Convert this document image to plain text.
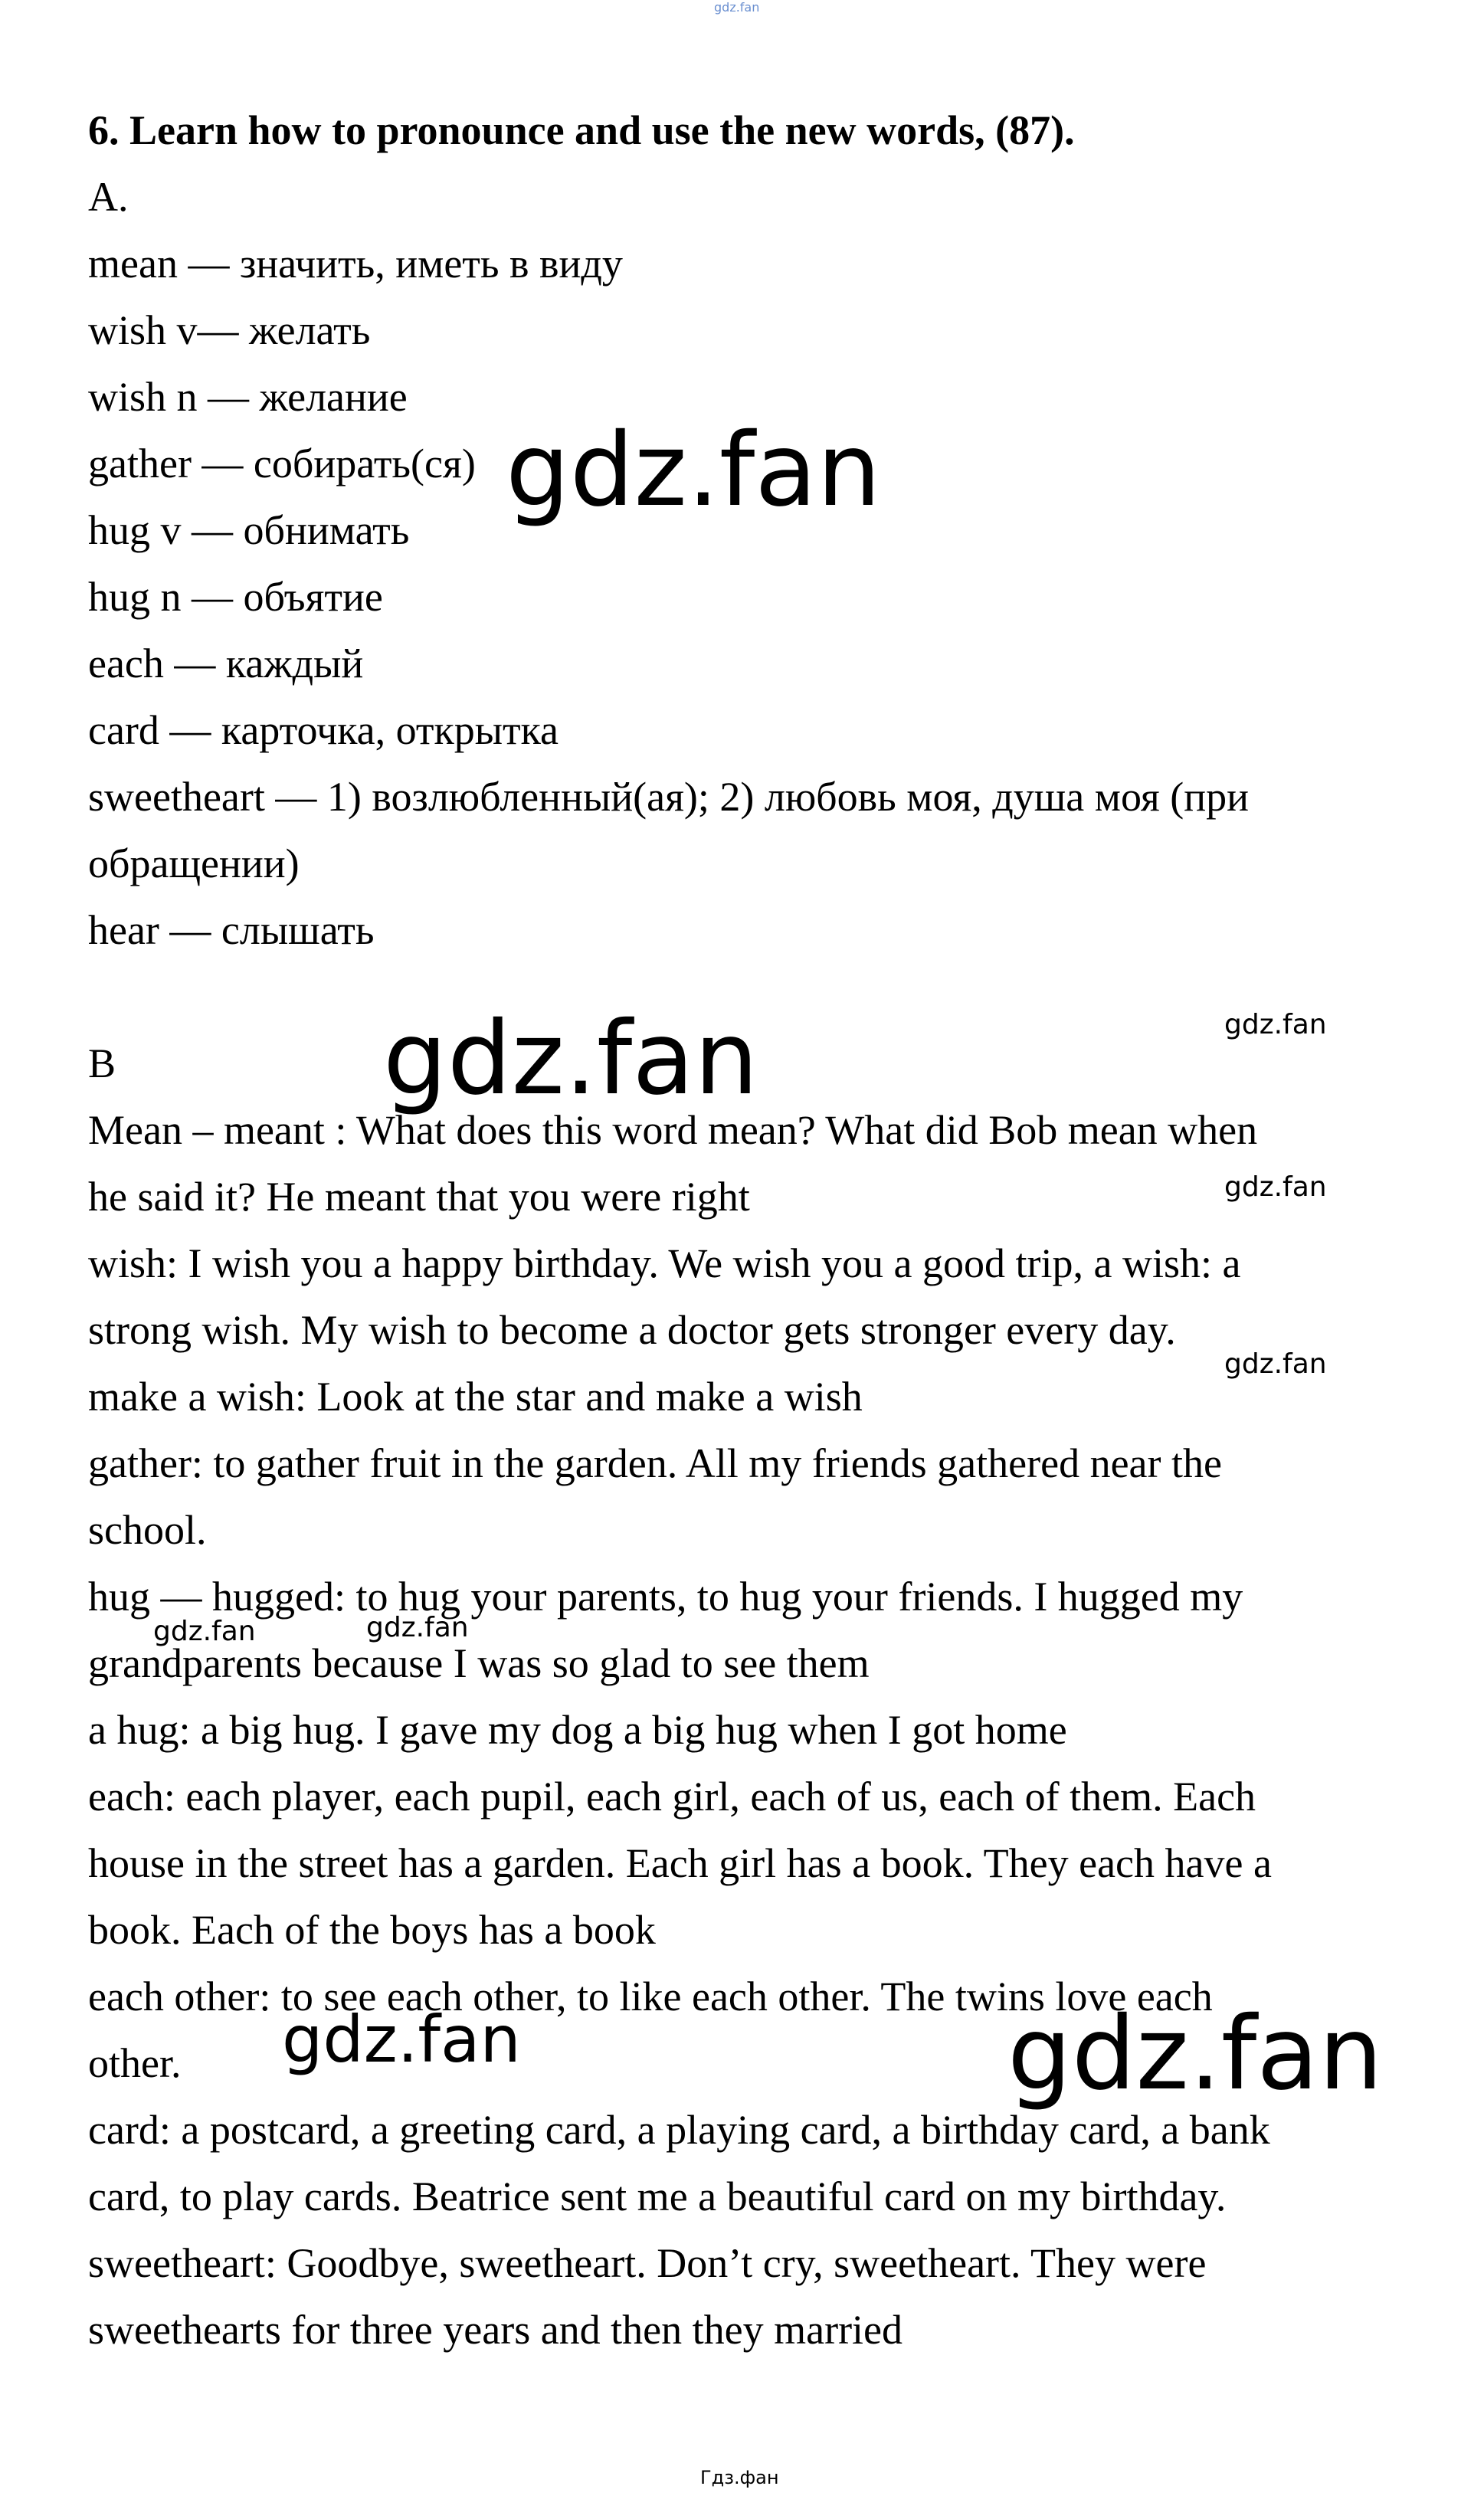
gdz.fan
6. Learn how to pronounce and use the new words, (87).
A.
mean — значить, иметь в виду
wish v— желать
wish n — желание
gather — собирать(ся)
hug v — обнимать
hug n — объятие
each — каждый
card — карточка, открытка
sweetheart — 1) возлюбленный(ая); 2) любовь моя, душа моя (при
обращении)
hear — слышать
B
Mean – meant : What does this word mean? What did Bob mean when
he said it? He meant that you were right
wish: I wish you a happy birthday. We wish you a good trip, a wish: a
strong wish. My wish to become a doctor gets stronger every day.
make a wish: Look at the star and make a wish
gather: to gather fruit in the garden. All my friends gathered near the
school.
hug — hugged: to hug your parents, to hug your friends. I hugged my
grandparents because I was so glad to see them
a hug: a big hug. I gave my dog a big hug when I got home
each: each player, each pupil, each girl, each of us, each of them. Each
house in the street has a garden. Each girl has a book. They each have a
book. Each of the boys has a book
each other: to see each other, to like each other. The twins love each
other.
card: a postcard, a greeting card, a playing card, a birthday card, a bank
card, to play cards. Beatrice sent me a beautiful card on my birthday.
sweetheart: Goodbye, sweetheart. Don’t cry, sweetheart. They were
sweethearts for three years and then they married
gdz.fan
gdz.fan
gdz.fan
gdz.fan
gdz.fan
gdz.fan
gdz.fan
gdz.fan	gdz.fan
Гдз.фан
